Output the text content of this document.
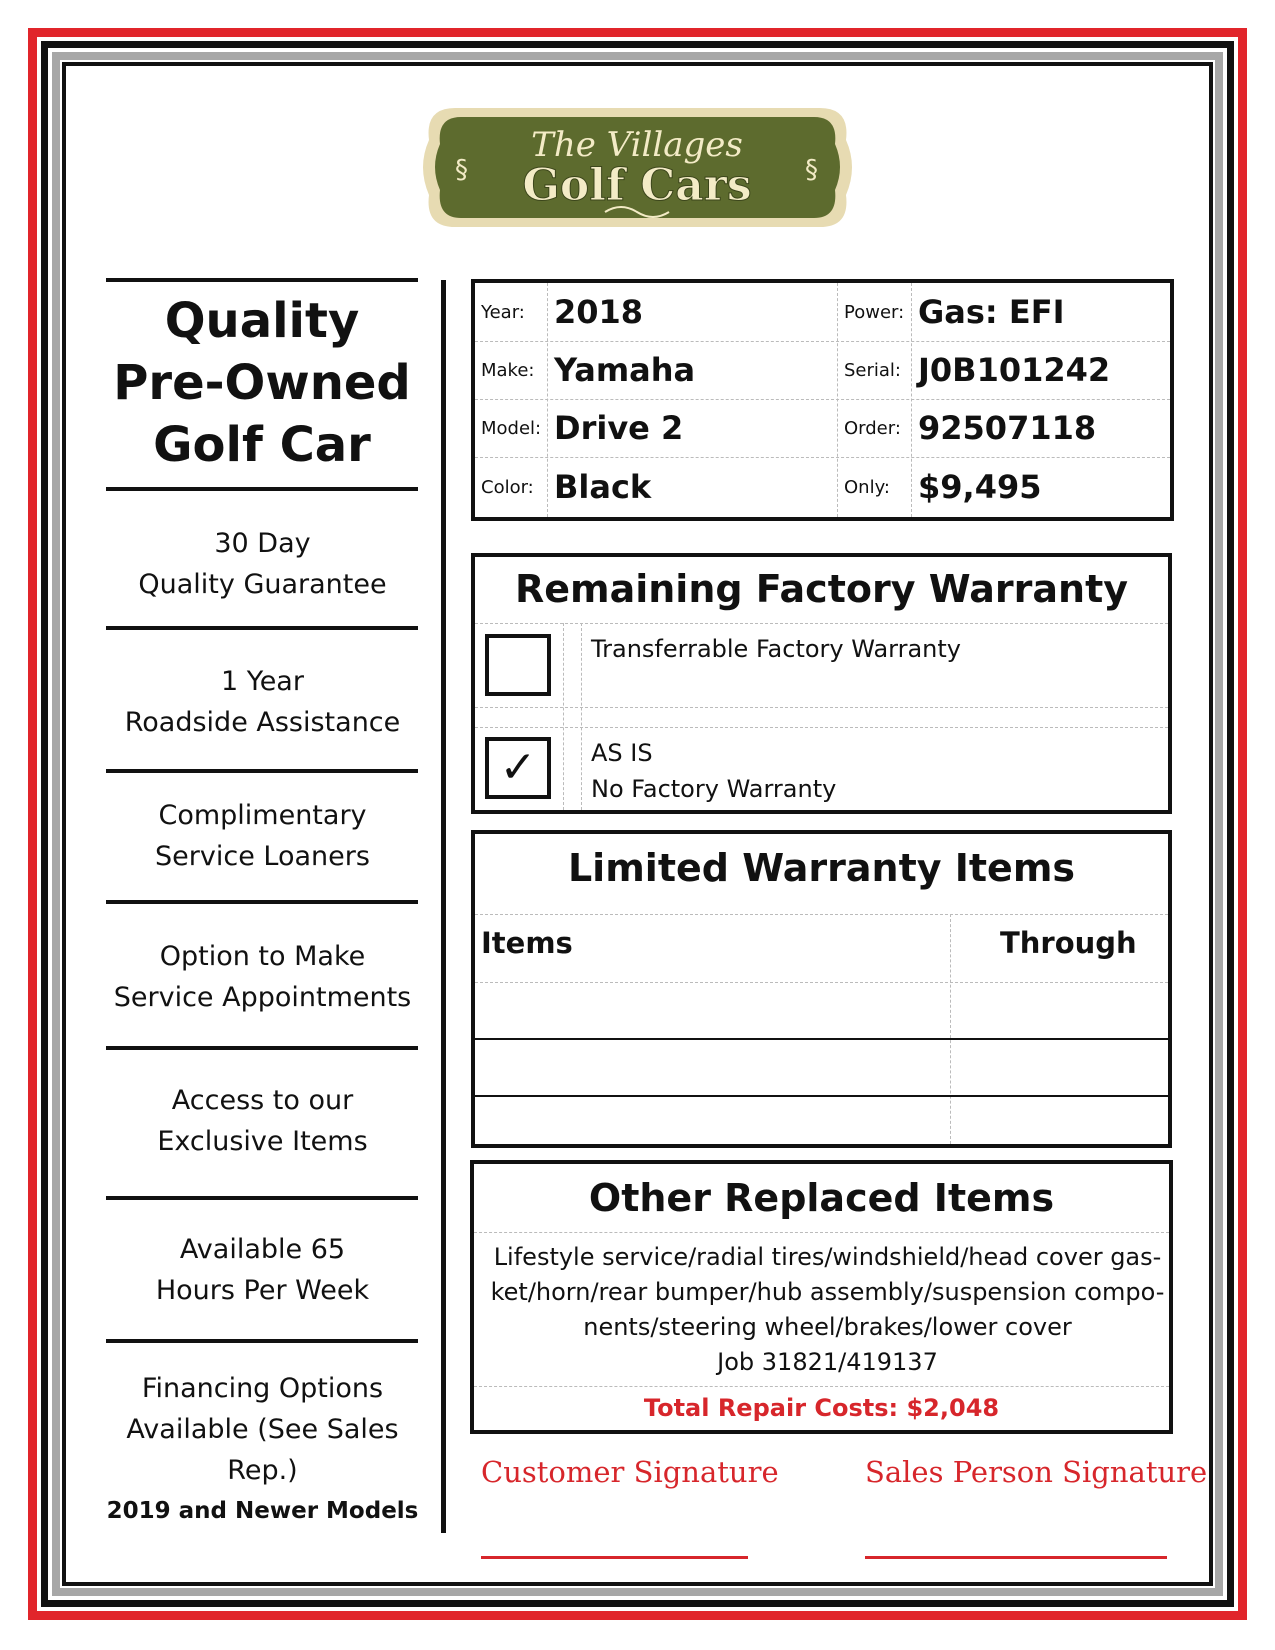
The Villages
Golf Cars
§	§
Quality
Pre-Owned
Golf Car
30 Day
Quality Guarantee
1 Year
Roadside Assistance
Complimentary
Service Loaners
Option to Make
Service Appointments
Access to our
Exclusive Items
Available 65
Hours Per Week
Financing Options
Available (See Sales Rep.)
2019 and Newer Models
Year: 2018	Power: Gas: EFI
Make: Yamaha	Serial: J0B101242
Model: Drive 2	Order: 92507118
Color: Black	Only: $9,495
Remaining Factory Warranty
Transferrable Factory Warranty
✓ AS IS
No Factory Warranty
Limited Warranty Items
Items	Through
Other Replaced Items
Lifestyle service/radial tires/windshield/head cover gas-
ket/horn/rear bumper/hub assembly/suspension compo-
nents/steering wheel/brakes/lower cover
Job 31821/419137
Total Repair Costs: $2,048
Customer Signature	Sales Person Signature
